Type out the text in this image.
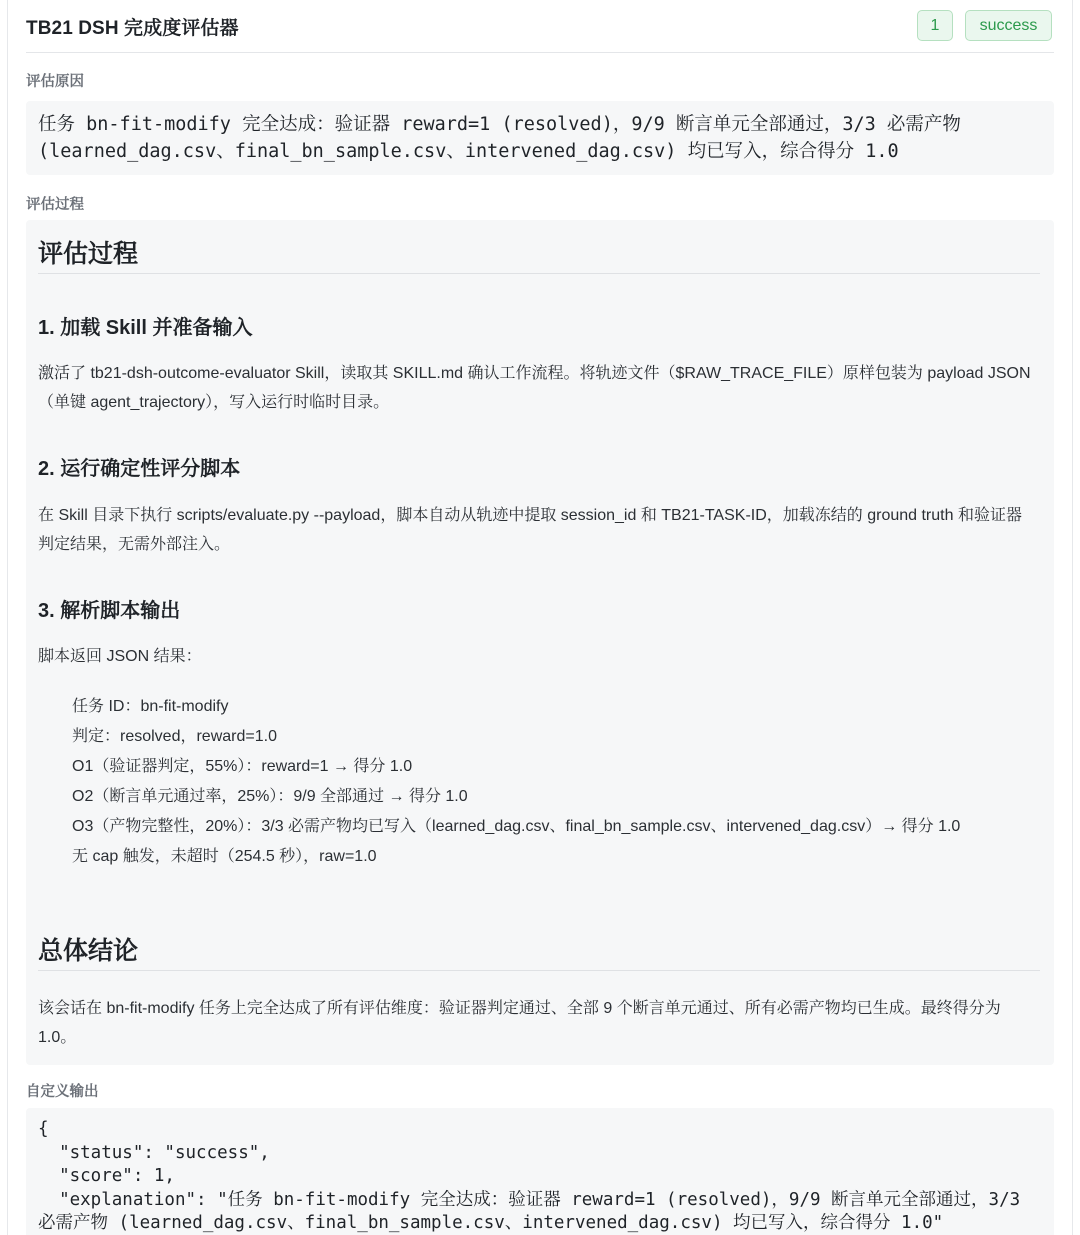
TB21 DSH 完成度评估器	1	success
评估原因
任务 bn-fit-modify 完全达成：验证器 reward=1 (resolved)，9/9 断言单元全部通过，3/3 必需产物 (learned_dag.csv、final_bn_sample.csv、intervened_dag.csv) 均已写入，综合得分 1.0
评估过程
评估过程
1. 加载 Skill 并准备输入
激活了 tb21-dsh-outcome-evaluator Skill，读取其 SKILL.md 确认工作流程。将轨迹文件（$RAW_TRACE_FILE）原样包装为 payload JSON（单键 agent_trajectory），写入运行时临时目录。
2. 运行确定性评分脚本
在 Skill 目录下执行 scripts/evaluate.py --payload，脚本自动从轨迹中提取 session_id 和 TB21-TASK-ID，加载冻结的 ground truth 和验证器判定结果，无需外部注入。
3. 解析脚本输出
脚本返回 JSON 结果：
任务 ID：bn-fit-modify
判定：resolved，reward=1.0
O1（验证器判定，55%）：reward=1 → 得分 1.0
O2（断言单元通过率，25%）：9/9 全部通过 → 得分 1.0
O3（产物完整性，20%）：3/3 必需产物均已写入（learned_dag.csv、final_bn_sample.csv、intervened_dag.csv）→ 得分 1.0
无 cap 触发，未超时（254.5 秒），raw=1.0
总体结论
该会话在 bn-fit-modify 任务上完全达成了所有评估维度：验证器判定通过、全部 9 个断言单元通过、所有必需产物均已生成。最终得分为 1.0。
自定义输出
{
"status": "success",
"score": 1,
"explanation": "任务 bn-fit-modify 完全达成：验证器 reward=1 (resolved)，9/9 断言单元全部通过，3/3 必需产物 (learned_dag.csv、final_bn_sample.csv、intervened_dag.csv) 均已写入，综合得分 1.0"
